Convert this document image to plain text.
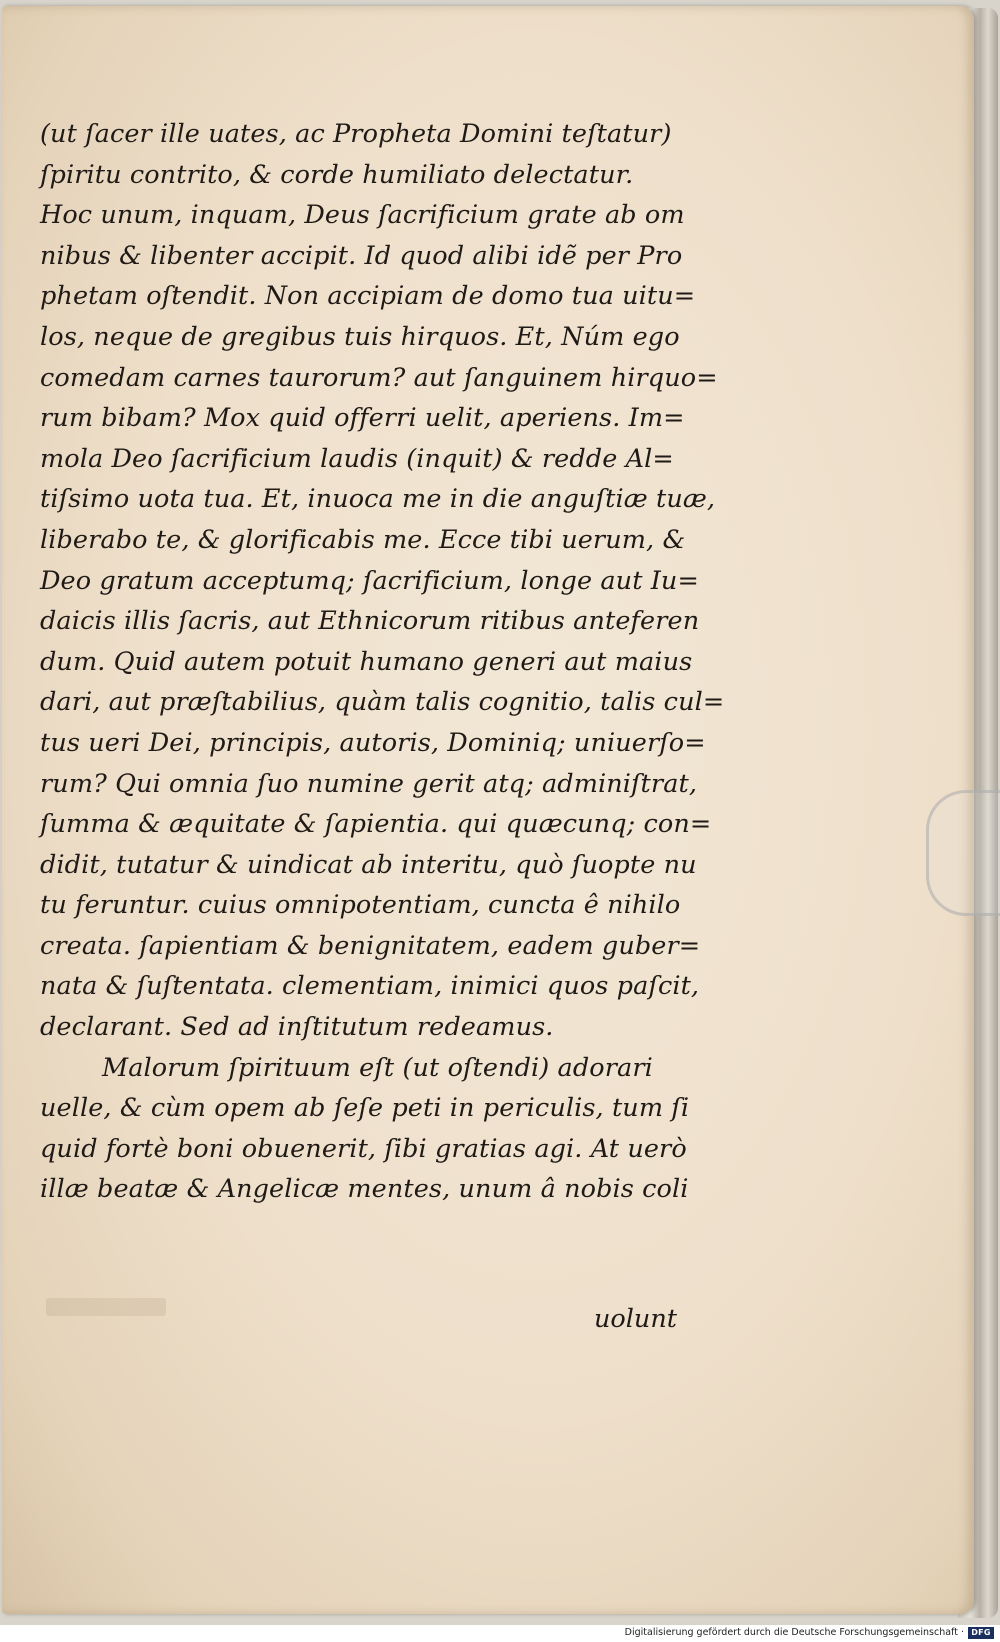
(ut ſacer ille uates, ac Propheta Domini teſtatur)
ſpiritu contrito, & corde humiliato delectatur.
Hoc unum, inquam, Deus ſacrificium grate ab om
nibus & libenter accipit. Id quod alibi idẽ per Pro
phetam oſtendit. Non accipiam de domo tua uitu=
los, neque de gregibus tuis hirquos. Et, Núm ego
comedam carnes taurorum? aut ſanguinem hirquo=
rum bibam? Mox quid offerri uelit, aperiens. Im=
mola Deo ſacrificium laudis (inquit) & redde Al=
tiſsimo uota tua. Et, inuoca me in die anguſtiæ tuæ,
liberabo te, & glorificabis me. Ecce tibi uerum, &
Deo gratum acceptumq; ſacrificium, longe aut Iu=
daicis illis ſacris, aut Ethnicorum ritibus anteferen
dum. Quid autem potuit humano generi aut maius
dari, aut præſtabilius, quàm talis cognitio, talis cul=
tus ueri Dei, principis, autoris, Dominiq; uniuerſo=
rum? Qui omnia ſuo numine gerit atq; adminiſtrat,
ſumma & æquitate & ſapientia. qui quæcunq; con=
didit, tutatur & uindicat ab interitu, quò ſuopte nu
tu feruntur. cuius omnipotentiam, cuncta ê nihilo
creata. ſapientiam & benignitatem, eadem guber=
nata & ſuſtentata. clementiam, inimici quos paſcit,
declarant. Sed ad inſtitutum redeamus.
Malorum ſpirituum eſt (ut oſtendi) adorari
uelle, & cùm opem ab ſeſe peti in periculis, tum ſi
quid fortè boni obuenerit, ſibi gratias agi. At uerò
illæ beatæ & Angelicæ mentes, unum â nobis coli
uolunt
Digitalisierung gefördert durch die Deutsche Forschungsgemeinschaft · DFG
